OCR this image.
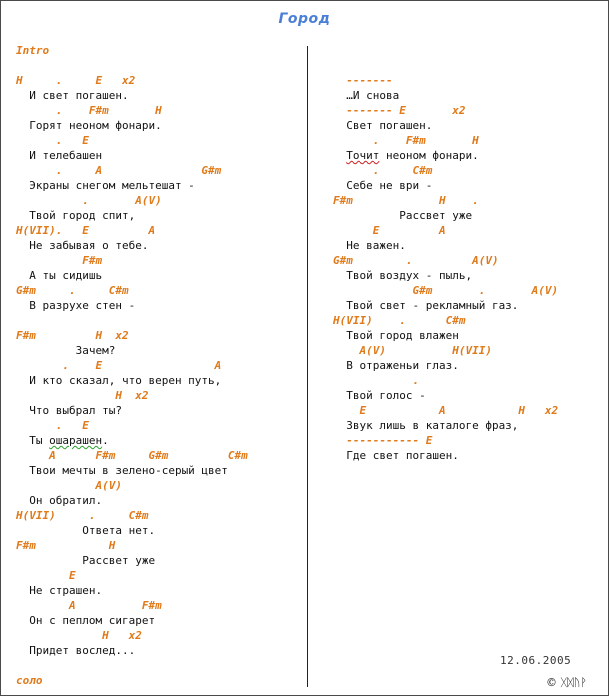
Город
Intro
H     .     E   x2
И свет погашен.
.    F#m       H
Горят неоном фонари.
.   E
И телебашен
.     A               G#m
Экраны снегом мельтешат -
.       A(V)
Твой город спит,
H(VII).   E         A
Не забывая о тебе.
F#m
А ты сидишь
G#m     .     C#m
В разрухе стен -
F#m         H  x2
Зачем?
.    E                 A
И кто сказал, что верен путь,
H  x2
Что выбрал ты?
.   E
Ты ошарашен.
A      F#m     G#m         C#m
Твои мечты в зелено-серый цвет
A(V)
Он обратил.
H(VII)     .     C#m
Ответа нет.
F#m           H
Рассвет уже
E
Не страшен.
A          F#m
Он с пеплом сигарет
H   x2
Придет вослед...
соло
-------
…И снова
------- E       x2
Свет погашен.
.    F#m       H
Точит неоном фонари.
.     C#m
Себе не ври -
F#m             H    .
Рассвет уже
E         A
Не важен.
G#m        .         A(V)
Твой воздух - пыль,
G#m       .       A(V)
Твой свет - рекламный газ.
H(VII)    .      C#m
Твой город влажен
A(V)          H(VII)
В отраженьи глаз.
.
Твой голос -
E           A           H   x2
Звук лишь в каталоге фраз,
----------- E
Где свет погашен.
12.06.2005
© ᚷᛞᚢᚹ
